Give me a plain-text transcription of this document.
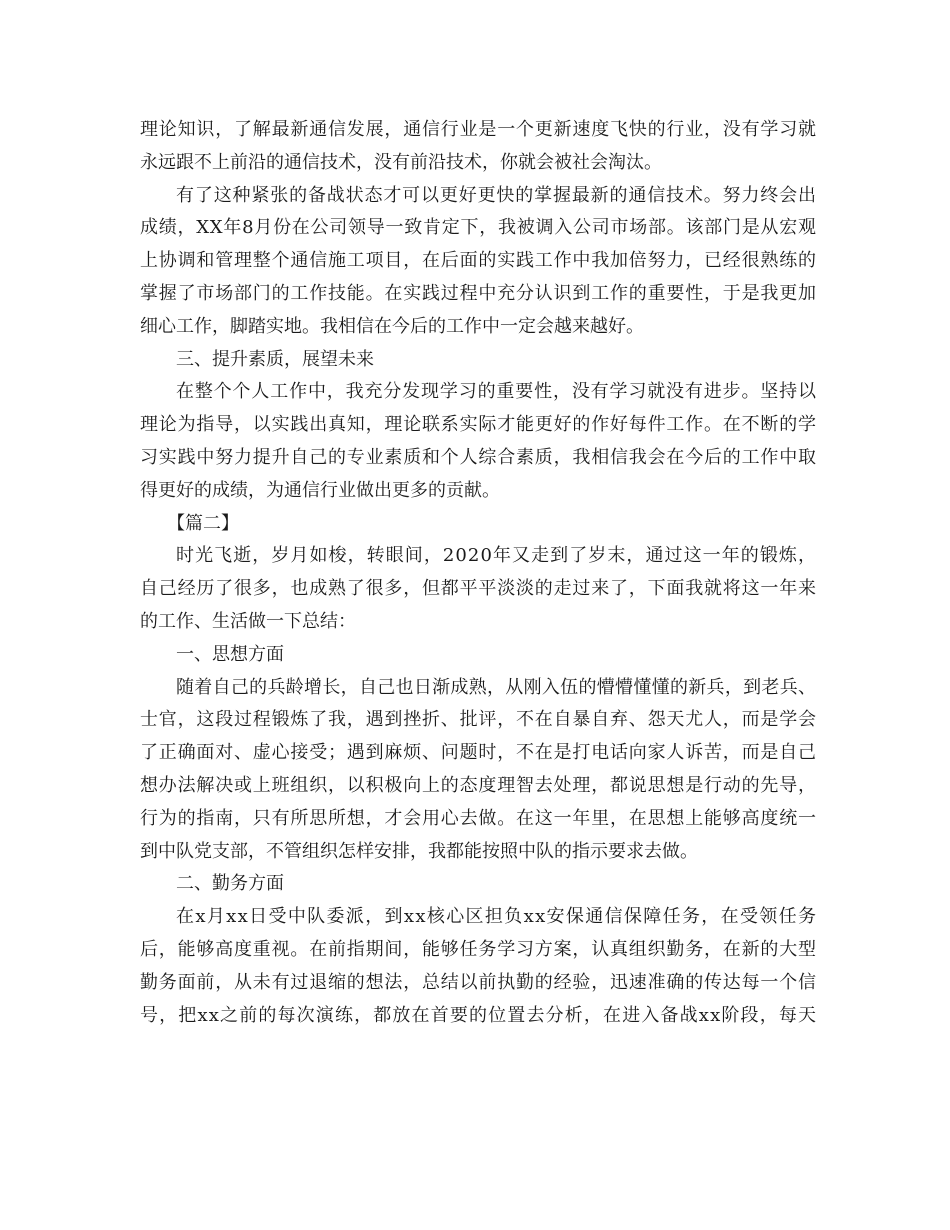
理论知识，了解最新通信发展，通信行业是一个更新速度飞快的行业，没有学习就
永远跟不上前沿的通信技术，没有前沿技术，你就会被社会淘汰。
有了这种紧张的备战状态才可以更好更快的掌握最新的通信技术。努力终会出
成绩，XX年8月份在公司领导一致肯定下，我被调入公司市场部。该部门是从宏观
上协调和管理整个通信施工项目，在后面的实践工作中我加倍努力，已经很熟练的
掌握了市场部门的工作技能。在实践过程中充分认识到工作的重要性，于是我更加
细心工作，脚踏实地。我相信在今后的工作中一定会越来越好。
三、提升素质，展望未来
在整个个人工作中，我充分发现学习的重要性，没有学习就没有进步。坚持以
理论为指导，以实践出真知，理论联系实际才能更好的作好每件工作。在不断的学
习实践中努力提升自己的专业素质和个人综合素质，我相信我会在今后的工作中取
得更好的成绩，为通信行业做出更多的贡献。
【篇二】
时光飞逝，岁月如梭，转眼间，2020年又走到了岁末，通过这一年的锻炼，
自己经历了很多，也成熟了很多，但都平平淡淡的走过来了，下面我就将这一年来
的工作、生活做一下总结：
一、思想方面
随着自己的兵龄增长，自己也日渐成熟，从刚入伍的懵懵懂懂的新兵，到老兵、
士官，这段过程锻炼了我，遇到挫折、批评，不在自暴自弃、怨天尤人，而是学会
了正确面对、虚心接受；遇到麻烦、问题时，不在是打电话向家人诉苦，而是自己
想办法解决或上班组织，以积极向上的态度理智去处理，都说思想是行动的先导，
行为的指南，只有所思所想，才会用心去做。在这一年里，在思想上能够高度统一
到中队党支部，不管组织怎样安排，我都能按照中队的指示要求去做。
二、勤务方面
在x月xx日受中队委派，到xx核心区担负xx安保通信保障任务，在受领任务
后，能够高度重视。在前指期间，能够任务学习方案，认真组织勤务，在新的大型
勤务面前，从未有过退缩的想法，总结以前执勤的经验，迅速准确的传达每一个信
号，把xx之前的每次演练，都放在首要的位置去分析，在进入备战xx阶段，每天
